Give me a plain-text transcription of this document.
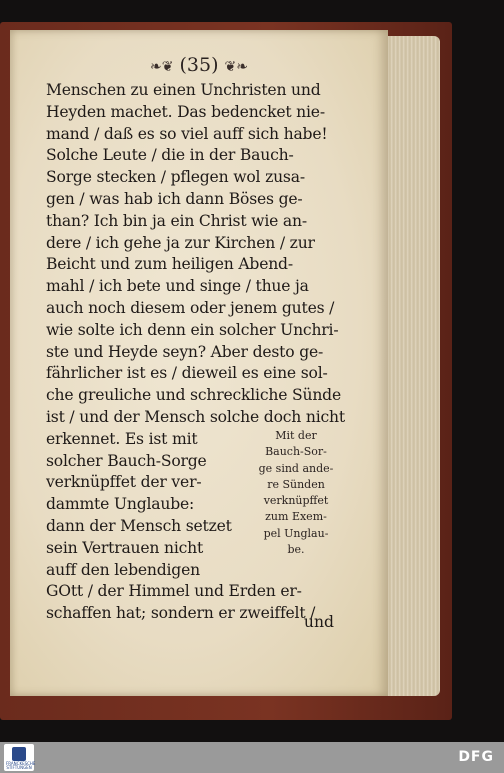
❧❦ (35) ❦❧
Menschen zu einen Unchristen und
Heyden machet. Das bedencket nie-
mand / daß es so viel auff sich habe!
Solche Leute / die in der Bauch-
Sorge stecken / pflegen wol zusa-
gen / was hab ich dann Böses ge-
than? Ich bin ja ein Christ wie an-
dere / ich gehe ja zur Kirchen / zur
Beicht und zum heiligen Abend-
mahl / ich bete und singe / thue ja
auch noch diesem oder jenem gutes /
wie solte ich denn ein solcher Unchri-
ste und Heyde seyn? Aber desto ge-
fährlicher ist es / dieweil es eine sol-
che greuliche und schreckliche Sünde
ist / und der Mensch solche doch nicht
erkennet. Es ist mit
solcher Bauch-Sorge
verknüpffet der ver-
dammte Unglaube:
dann der Mensch setzet
sein Vertrauen nicht
auff den lebendigen
GOtt / der Himmel und Erden er-
schaffen hat; sondern er zweiffelt /
Mit der
Bauch-Sor-
ge sind ande-
re Sünden
verknüpffet
zum Exem-
pel Unglau-
be.
und
FRANCKESCHE STIFTUNGEN
DFG
